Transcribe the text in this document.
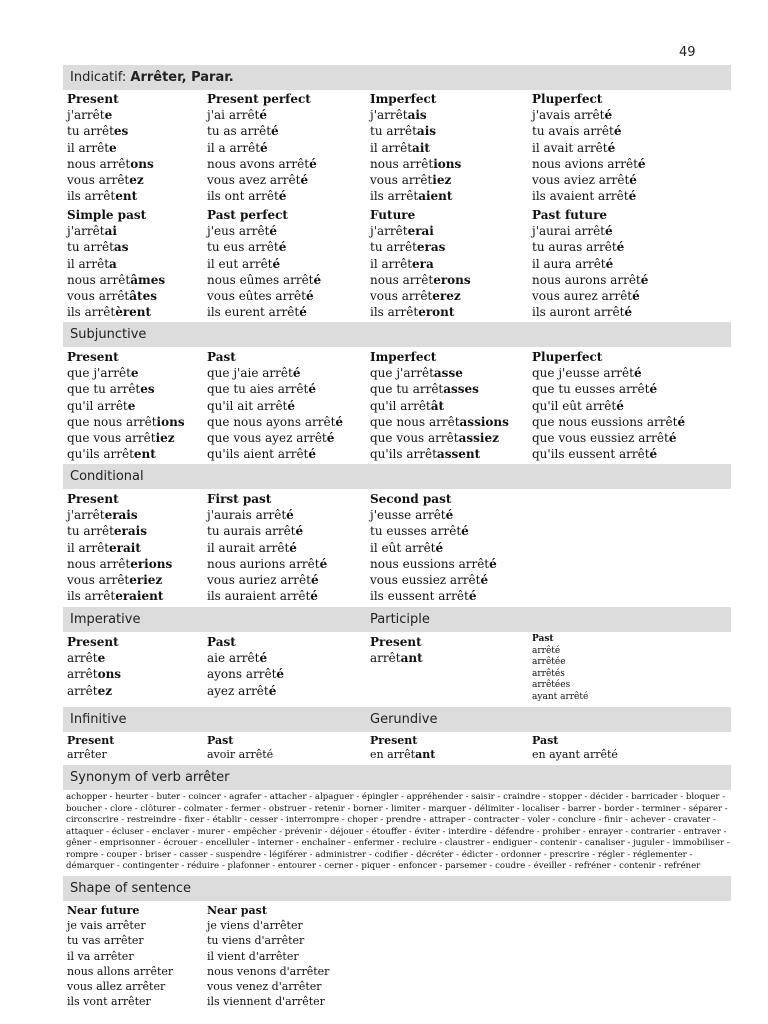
49
Indicatif: Arrêter, Parar.
Present
j'arrête
tu arrêtes
il arrête
nous arrêtons
vous arrêtez
ils arrêtent
Present perfect
j'ai arrêté
tu as arrêté
il a arrêté
nous avons arrêté
vous avez arrêté
ils ont arrêté
Imperfect
j'arrêtais
tu arrêtais
il arrêtait
nous arrêtions
vous arrêtiez
ils arrêtaient
Pluperfect
j'avais arrêté
tu avais arrêté
il avait arrêté
nous avions arrêté
vous aviez arrêté
ils avaient arrêté
Simple past
j'arrêtai
tu arrêtas
il arrêta
nous arrêtâmes
vous arrêtâtes
ils arrêtèrent
Past perfect
j'eus arrêté
tu eus arrêté
il eut arrêté
nous eûmes arrêté
vous eûtes arrêté
ils eurent arrêté
Future
j'arrêterai
tu arrêteras
il arrêtera
nous arrêterons
vous arrêterez
ils arrêteront
Past future
j'aurai arrêté
tu auras arrêté
il aura arrêté
nous aurons arrêté
vous aurez arrêté
ils auront arrêté
Subjunctive
Present
que j'arrête
que tu arrêtes
qu'il arrête
que nous arrêtions
que vous arrêtiez
qu'ils arrêtent
Past
que j'aie arrêté
que tu aies arrêté
qu'il ait arrêté
que nous ayons arrêté
que vous ayez arrêté
qu'ils aient arrêté
Imperfect
que j'arrêtasse
que tu arrêtasses
qu'il arrêtât
que nous arrêtassions
que vous arrêtassiez
qu'ils arrêtassent
Pluperfect
que j'eusse arrêté
que tu eusses arrêté
qu'il eût arrêté
que nous eussions arrêté
que vous eussiez arrêté
qu'ils eussent arrêté
Conditional
Present
j'arrêterais
tu arrêterais
il arrêterait
nous arrêterions
vous arrêteriez
ils arrêteraient
First past
j'aurais arrêté
tu aurais arrêté
il aurait arrêté
nous aurions arrêté
vous auriez arrêté
ils auraient arrêté
Second past
j'eusse arrêté
tu eusses arrêté
il eût arrêté
nous eussions arrêté
vous eussiez arrêté
ils eussent arrêté
Imperative	Participle
Present
arrête
arrêtons
arrêtez
Past
aie arrêté
ayons arrêté
ayez arrêté
Present
arrêtant
Past
arrêté
arrêtée
arrêtés
arrêtées
ayant arrêté
Infinitive	Gerundive
Present
arrêter
Past
avoir arrêté
Present
en arrêtant
Past
en ayant arrêté
Synonym of verb arrêter
achopper - heurter - buter - coincer - agrafer - attacher - alpaguer - épingler - appréhender - saisir - craindre - stopper - décider - barricader - bloquer - boucher - clore - clôturer - colmater - fermer - obstruer - retenir - borner - limiter - marquer - délimiter - localiser - barrer - border - terminer - séparer - circonscrire - restreindre - fixer - établir - cesser - interrompre - choper - prendre - attraper - contracter - voler - conclure - finir - achever - cravater - attaquer - écluser - enclaver - murer - empêcher - prévenir - déjouer - étouffer - éviter - interdire - défendre - prohiber - enrayer - contrarier - entraver - gêner - emprisonner - écrouer - encelluler - interner - enchaîner - enfermer - recluire - claustrer - endiguer - contenir - canaliser - juguler - immobiliser - rompre - couper - briser - casser - suspendre - légiférer - administrer - codifier - décréter - édicter - ordonner - prescrire - régler - réglementer - démarquer - contingenter - réduire - plafonner - entourer - cerner - piquer - enfoncer - parsemer - coudre - éveiller - refréner - contenir - refréner
Shape of sentence
Near future
je vais arrêter
tu vas arrêter
il va arrêter
nous allons arrêter
vous allez arrêter
ils vont arrêter
Near past
je viens d'arrêter
tu viens d'arrêter
il vient d'arrêter
nous venons d'arrêter
vous venez d'arrêter
ils viennent d'arrêter
